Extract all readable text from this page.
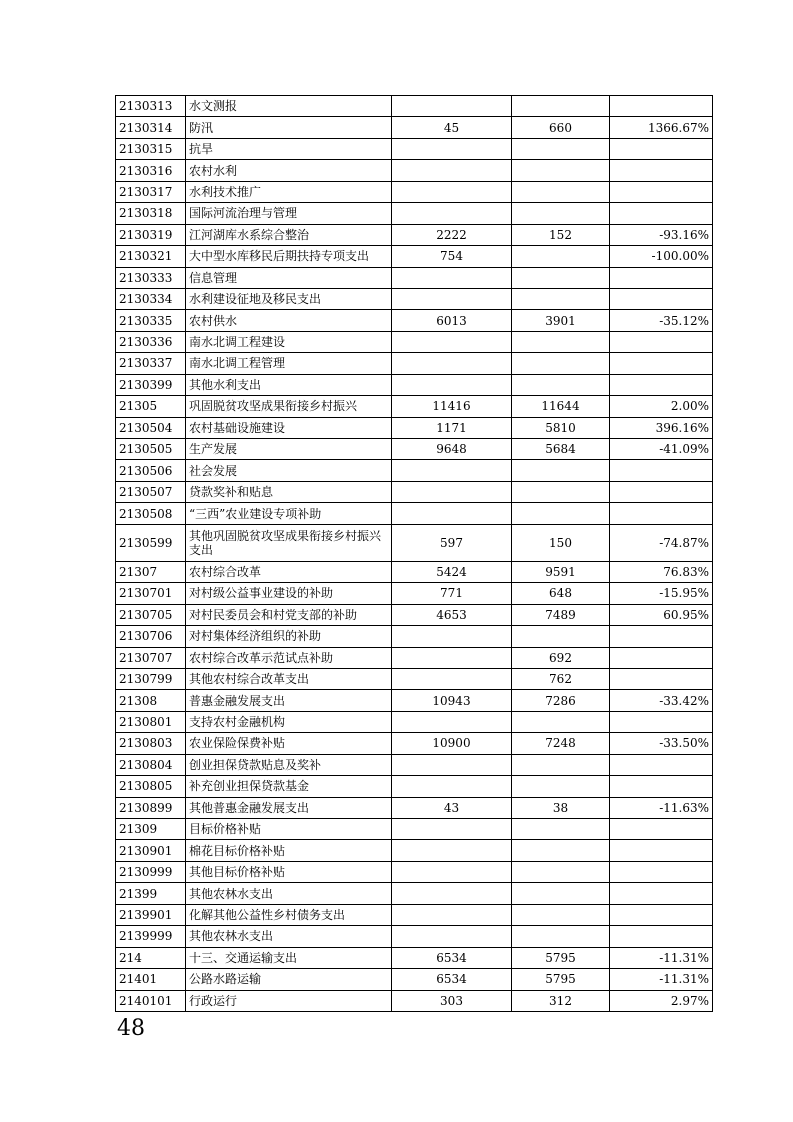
2130313	水文测报			
2130314	防汛	45	660	1366.67%
2130315	抗旱			
2130316	农村水利			
2130317	水利技术推广			
2130318	国际河流治理与管理			
2130319	江河湖库水系综合整治	2222	152	-93.16%
2130321	大中型水库移民后期扶持专项支出	754		-100.00%
2130333	信息管理			
2130334	水利建设征地及移民支出			
2130335	农村供水	6013	3901	-35.12%
2130336	南水北调工程建设			
2130337	南水北调工程管理			
2130399	其他水利支出			
21305	巩固脱贫攻坚成果衔接乡村振兴	11416	11644	2.00%
2130504	农村基础设施建设	1171	5810	396.16%
2130505	生产发展	9648	5684	-41.09%
2130506	社会发展			
2130507	贷款奖补和贴息			
2130508	“三西”农业建设专项补助			
2130599	其他巩固脱贫攻坚成果衔接乡村振兴支出	597	150	-74.87%
21307	农村综合改革	5424	9591	76.83%
2130701	对村级公益事业建设的补助	771	648	-15.95%
2130705	对村民委员会和村党支部的补助	4653	7489	60.95%
2130706	对村集体经济组织的补助			
2130707	农村综合改革示范试点补助		692	
2130799	其他农村综合改革支出		762	
21308	普惠金融发展支出	10943	7286	-33.42%
2130801	支持农村金融机构			
2130803	农业保险保费补贴	10900	7248	-33.50%
2130804	创业担保贷款贴息及奖补			
2130805	补充创业担保贷款基金			
2130899	其他普惠金融发展支出	43	38	-11.63%
21309	目标价格补贴			
2130901	棉花目标价格补贴			
2130999	其他目标价格补贴			
21399	其他农林水支出			
2139901	化解其他公益性乡村债务支出			
2139999	其他农林水支出			
214	十三、交通运输支出	6534	5795	-11.31%
21401	公路水路运输	6534	5795	-11.31%
2140101	行政运行	303	312	2.97%
48
